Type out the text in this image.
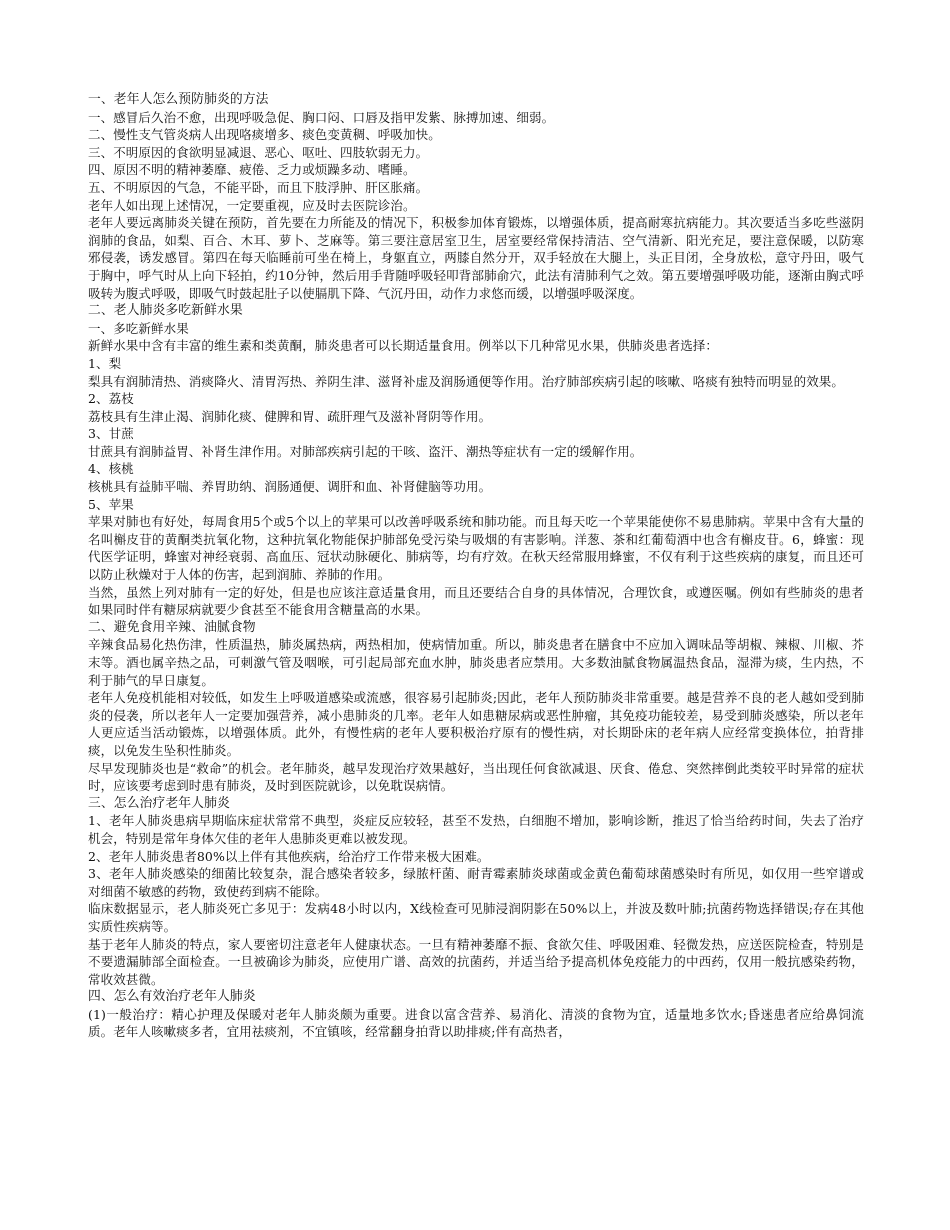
一、老年人怎么预防肺炎的方法

一、感冒后久治不愈，出现呼吸急促、胸口闷、口唇及指甲发紫、脉搏加速、细弱。

二、慢性支气管炎病人出现咯痰增多、痰色变黄稠、呼吸加快。

三、不明原因的食欲明显减退、恶心、呕吐、四肢软弱无力。

四、原因不明的精神萎靡、疲倦、乏力或烦躁多动、嗜睡。

五、不明原因的气急，不能平卧，而且下肢浮肿、肝区胀痛。

老年人如出现上述情况，一定要重视，应及时去医院诊治。

老年人要远离肺炎关键在预防，首先要在力所能及的情况下，积极参加体育锻炼，以增强体质，提高耐寒抗病能力。其次要适当多吃些滋阴润肺的食品，如梨、百合、木耳、萝卜、芝麻等。第三要注意居室卫生，居室要经常保持清洁、空气清新、阳光充足，要注意保暖，以防寒邪侵袭，诱发感冒。第四在每天临睡前可坐在椅上，身躯直立，两膝自然分开，双手轻放在大腿上，头正目闭，全身放松，意守丹田，吸气于胸中，呼气时从上向下轻拍，约10分钟，然后用手背随呼吸轻叩背部肺俞穴，此法有清肺利气之效。第五要增强呼吸功能，逐渐由胸式呼吸转为腹式呼吸，即吸气时鼓起肚子以使膈肌下降、气沉丹田，动作力求悠而缓，以增强呼吸深度。

二、老人肺炎多吃新鲜水果

一、多吃新鲜水果

新鲜水果中含有丰富的维生素和类黄酮，肺炎患者可以长期适量食用。例举以下几种常见水果，供肺炎患者选择：

1、梨

梨具有润肺清热、消痰降火、清胃泻热、养阴生津、滋肾补虚及润肠通便等作用。治疗肺部疾病引起的咳嗽、咯痰有独特而明显的效果。

2、荔枝

荔枝具有生津止渴、润肺化痰、健脾和胃、疏肝理气及滋补肾阴等作用。

3、甘蔗

甘蔗具有润肺益胃、补肾生津作用。对肺部疾病引起的干咳、盗汗、潮热等症状有一定的缓解作用。

4、核桃

核桃具有益肺平喘、养胃助纳、润肠通便、调肝和血、补肾健脑等功用。

5、苹果

苹果对肺也有好处，每周食用5个或5个以上的苹果可以改善呼吸系统和肺功能。而且每天吃一个苹果能使你不易患肺病。苹果中含有大量的名叫槲皮苷的黄酮类抗氧化物，这种抗氧化物能保护肺部免受污染与吸烟的有害影响。洋葱、茶和红葡萄酒中也含有槲皮苷。6，蜂蜜：现代医学证明，蜂蜜对神经衰弱、高血压、冠状动脉硬化、肺病等，均有疗效。在秋天经常服用蜂蜜，不仅有利于这些疾病的康复，而且还可以防止秋燥对于人体的伤害，起到润肺、养肺的作用。

当然，虽然上列对肺有一定的好处，但是也应该注意适量食用，而且还要结合自身的具体情况，合理饮食，或遵医嘱。例如有些肺炎的患者如果同时伴有糖尿病就要少食甚至不能食用含糖量高的水果。

二、避免食用辛辣、油腻食物

辛辣食品易化热伤津，性质温热，肺炎属热病，两热相加，使病情加重。所以，肺炎患者在膳食中不应加入调味品等胡椒、辣椒、川椒、芥末等。酒也属辛热之品，可刺激气管及咽喉，可引起局部充血水肿，肺炎患者应禁用。大多数油腻食物属温热食品，湿滞为痰，生内热，不利于肺气的早日康复。

老年人免疫机能相对较低，如发生上呼吸道感染或流感，很容易引起肺炎;因此，老年人预防肺炎非常重要。越是营养不良的老人越如受到肺炎的侵袭，所以老年人一定要加强营养，减小患肺炎的几率。老年人如患糖尿病或恶性肿瘤，其免疫功能较差，易受到肺炎感染，所以老年人更应适当活动锻炼，以增强体质。此外，有慢性病的老年人要积极治疗原有的慢性病，对长期卧床的老年病人应经常变换体位，拍背排痰，以免发生坠积性肺炎。

尽早发现肺炎也是“救命”的机会。老年肺炎，越早发现治疗效果越好，当出现任何食欲减退、厌食、倦怠、突然摔倒此类较平时异常的症状时，应该要考虑到时患有肺炎，及时到医院就诊，以免耽误病情。

三、怎么治疗老年人肺炎

1、老年人肺炎患病早期临床症状常常不典型，炎症反应较轻，甚至不发热，白细胞不增加，影响诊断，推迟了恰当给药时间，失去了治疗机会，特别是常年身体欠佳的老年人患肺炎更难以被发现。

2、老年人肺炎患者80%以上伴有其他疾病，给治疗工作带来极大困难。

3、老年人肺炎感染的细菌比较复杂，混合感染者较多，绿脓杆菌、耐青霉素肺炎球菌或金黄色葡萄球菌感染时有所见，如仅用一些窄谱或对细菌不敏感的药物，致使药到病不能除。

临床数据显示，老人肺炎死亡多见于：发病48小时以内，X线检查可见肺浸润阴影在50%以上，并波及数叶肺;抗菌药物选择错误;存在其他实质性疾病等。

基于老年人肺炎的特点，家人要密切注意老年人健康状态。一旦有精神萎靡不振、食欲欠佳、呼吸困难、轻微发热，应送医院检查，特别是不要遗漏肺部全面检查。一旦被确诊为肺炎，应使用广谱、高效的抗菌药，并适当给予提高机体免疫能力的中西药，仅用一般抗感染药物，常收效甚微。

四、怎么有效治疗老年人肺炎

(1)一般治疗：精心护理及保暖对老年人肺炎颇为重要。进食以富含营养、易消化、清淡的食物为宜，适量地多饮水;昏迷患者应给鼻饲流质。老年人咳嗽痰多者，宜用祛痰剂，不宜镇咳，经常翻身拍背以助排痰;伴有高热者，
